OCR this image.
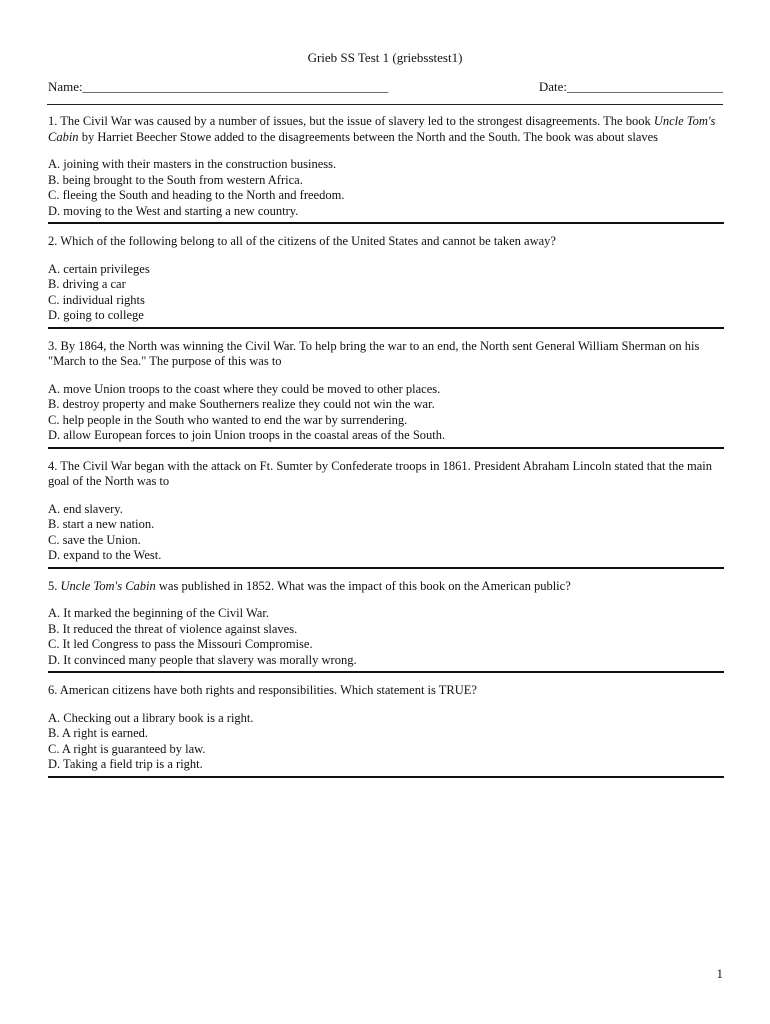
Grieb SS Test 1 (griebsstest1)
Name:_______________________________________________	Date:________________________

1. The Civil War was caused by a number of issues, but the issue of slavery led to the strongest disagreements. The book Uncle Tom's Cabin by Harriet Beecher Stowe added to the disagreements between the North and the South. The book was about slaves

A. joining with their masters in the construction business.

B. being brought to the South from western Africa.

C. fleeing the South and heading to the North and freedom.

D. moving to the West and starting a new country.

2. Which of the following belong to all of the citizens of the United States and cannot be taken away?

A. certain privileges

B. driving a car

C. individual rights

D. going to college

3. By 1864, the North was winning the Civil War. To help bring the war to an end, the North sent General William Sherman on his "March to the Sea." The purpose of this was to

A. move Union troops to the coast where they could be moved to other places.

B. destroy property and make Southerners realize they could not win the war.

C. help people in the South who wanted to end the war by surrendering.

D. allow European forces to join Union troops in the coastal areas of the South.

4. The Civil War began with the attack on Ft. Sumter by Confederate troops in 1861. President Abraham Lincoln stated that the main goal of the North was to

A. end slavery.

B. start a new nation.

C. save the Union.

D. expand to the West.

5. Uncle Tom's Cabin was published in 1852. What was the impact of this book on the American public?

A. It marked the beginning of the Civil War.

B. It reduced the threat of violence against slaves.

C. It led Congress to pass the Missouri Compromise.

D. It convinced many people that slavery was morally wrong.

6. American citizens have both rights and responsibilities. Which statement is TRUE?

A. Checking out a library book is a right.

B. A right is earned.

C. A right is guaranteed by law.

D. Taking a field trip is a right.

1
